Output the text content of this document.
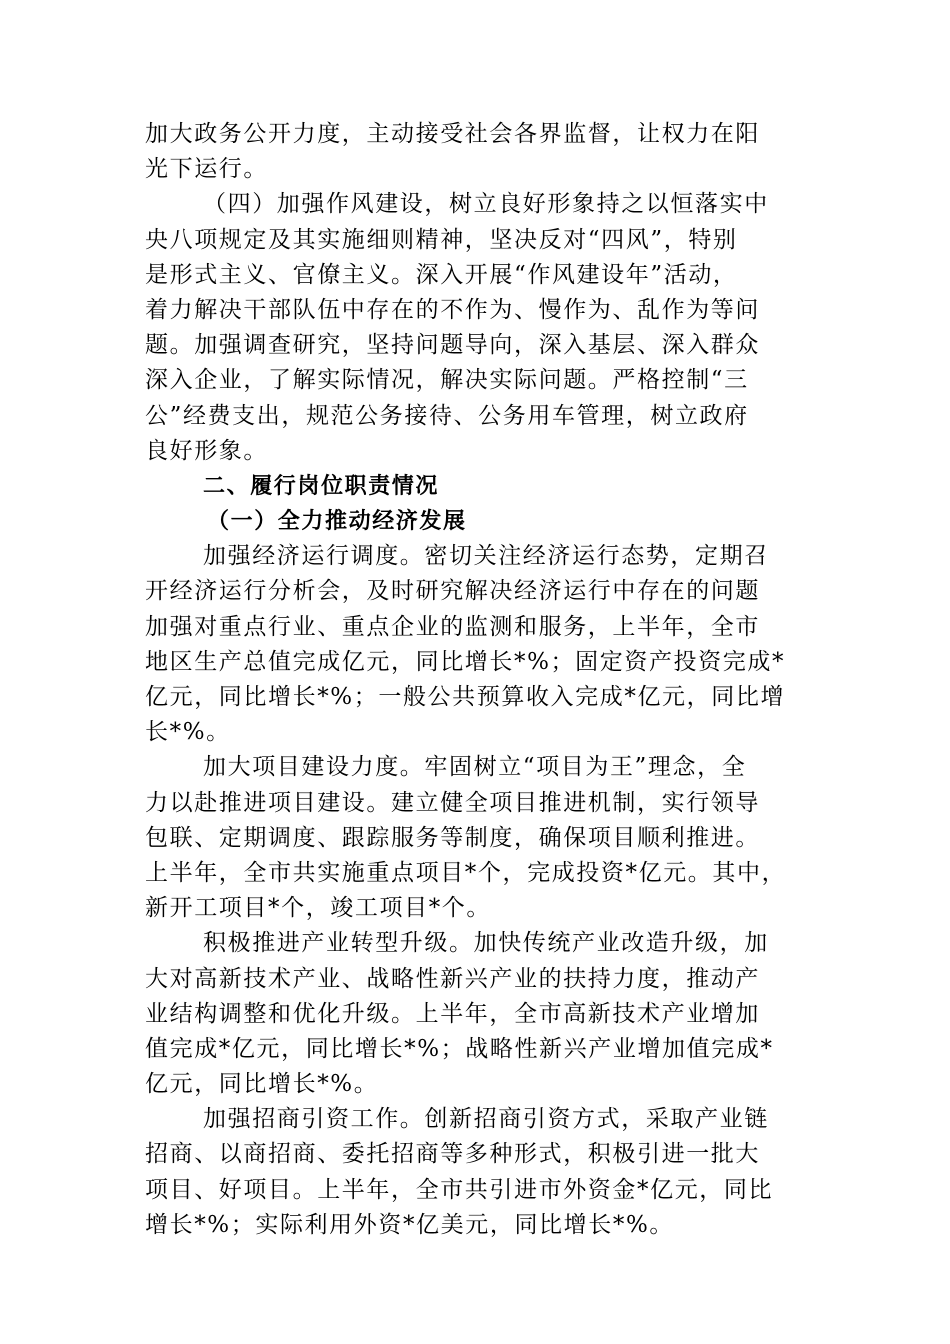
加大政务公开力度，主动接受社会各界监督，让权力在阳
光下运行。
（四）加强作风建设，树立良好形象持之以恒落实中
央八项规定及其实施细则精神，坚决反对“四风”，特别
是形式主义、官僚主义。深入开展“作风建设年”活动，
着力解决干部队伍中存在的不作为、慢作为、乱作为等问
题。加强调查研究，坚持问题导向，深入基层、深入群众
深入企业，了解实际情况，解决实际问题。严格控制“三
公”经费支出，规范公务接待、公务用车管理，树立政府
良好形象。
二、履行岗位职责情况
（一）全力推动经济发展
加强经济运行调度。密切关注经济运行态势，定期召
开经济运行分析会，及时研究解决经济运行中存在的问题
加强对重点行业、重点企业的监测和服务，上半年，全市
地区生产总值完成亿元，同比增长*%；固定资产投资完成*
亿元，同比增长*%；一般公共预算收入完成*亿元，同比增
长*%。
加大项目建设力度。牢固树立“项目为王”理念，全
力以赴推进项目建设。建立健全项目推进机制，实行领导
包联、定期调度、跟踪服务等制度，确保项目顺利推进。
上半年，全市共实施重点项目*个，完成投资*亿元。其中，
新开工项目*个，竣工项目*个。
积极推进产业转型升级。加快传统产业改造升级，加
大对高新技术产业、战略性新兴产业的扶持力度，推动产
业结构调整和优化升级。上半年，全市高新技术产业增加
值完成*亿元，同比增长*%；战略性新兴产业增加值完成*
亿元，同比增长*%。
加强招商引资工作。创新招商引资方式，采取产业链
招商、以商招商、委托招商等多种形式，积极引进一批大
项目、好项目。上半年，全市共引进市外资金*亿元，同比
增长*%；实际利用外资*亿美元，同比增长*%。
